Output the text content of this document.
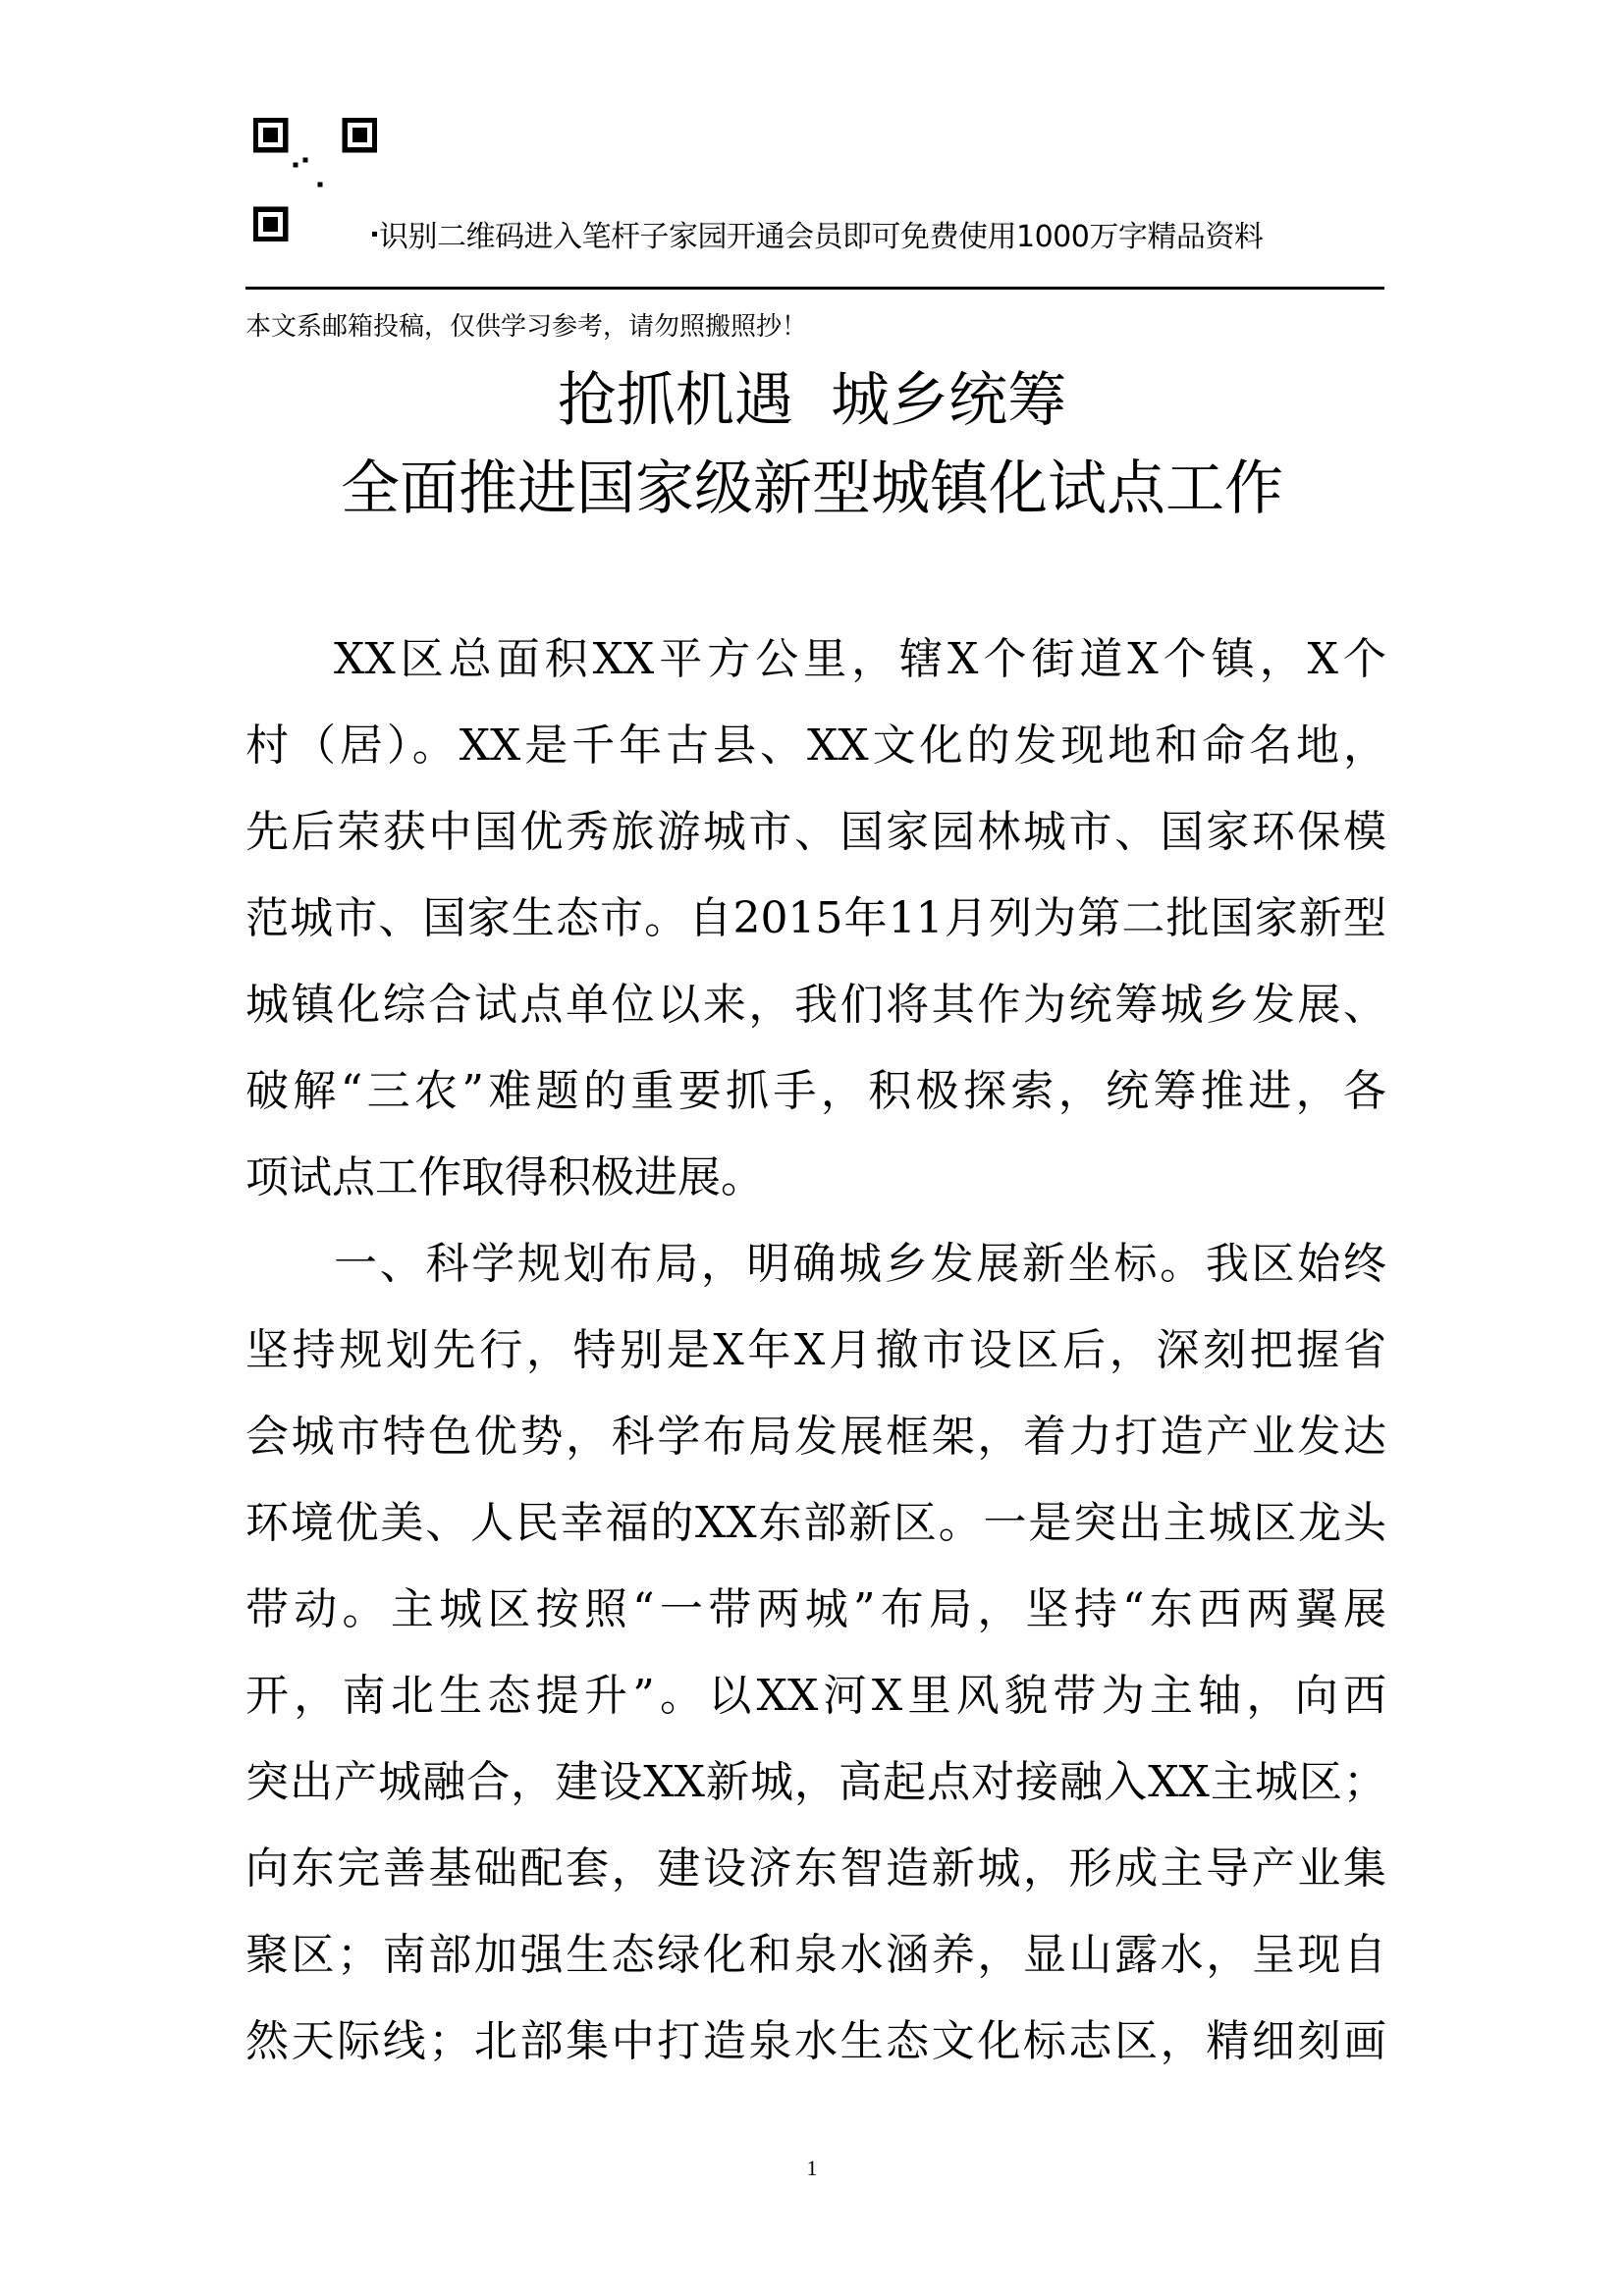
识别二维码进入笔杆子家园开通会员即可免费使用1000万字精品资料
本文系邮箱投稿，仅供学习参考，请勿照搬照抄！
抢抓机遇  城乡统筹
全面推进国家级新型城镇化试点工作
XX区总面积XX平方公里，辖X个街道X个镇，X个
村（居）。XX是千年古县、XX文化的发现地和命名地，
先后荣获中国优秀旅游城市、国家园林城市、国家环保模
范城市、国家生态市。自2015年11月列为第二批国家新型
城镇化综合试点单位以来，我们将其作为统筹城乡发展、
破解“三农”难题的重要抓手，积极探索，统筹推进，各
项试点工作取得积极进展。
一、科学规划布局，明确城乡发展新坐标。我区始终
坚持规划先行，特别是X年X月撤市设区后，深刻把握省
会城市特色优势，科学布局发展框架，着力打造产业发达
环境优美、人民幸福的XX东部新区。一是突出主城区龙头
带动。主城区按照“一带两城”布局，坚持“东西两翼展
开，南北生态提升”。以XX河X里风貌带为主轴，向西
突出产城融合，建设XX新城，高起点对接融入XX主城区；
向东完善基础配套，建设济东智造新城，形成主导产业集
聚区；南部加强生态绿化和泉水涵养，显山露水，呈现自
然天际线；北部集中打造泉水生态文化标志区，精细刻画
1
